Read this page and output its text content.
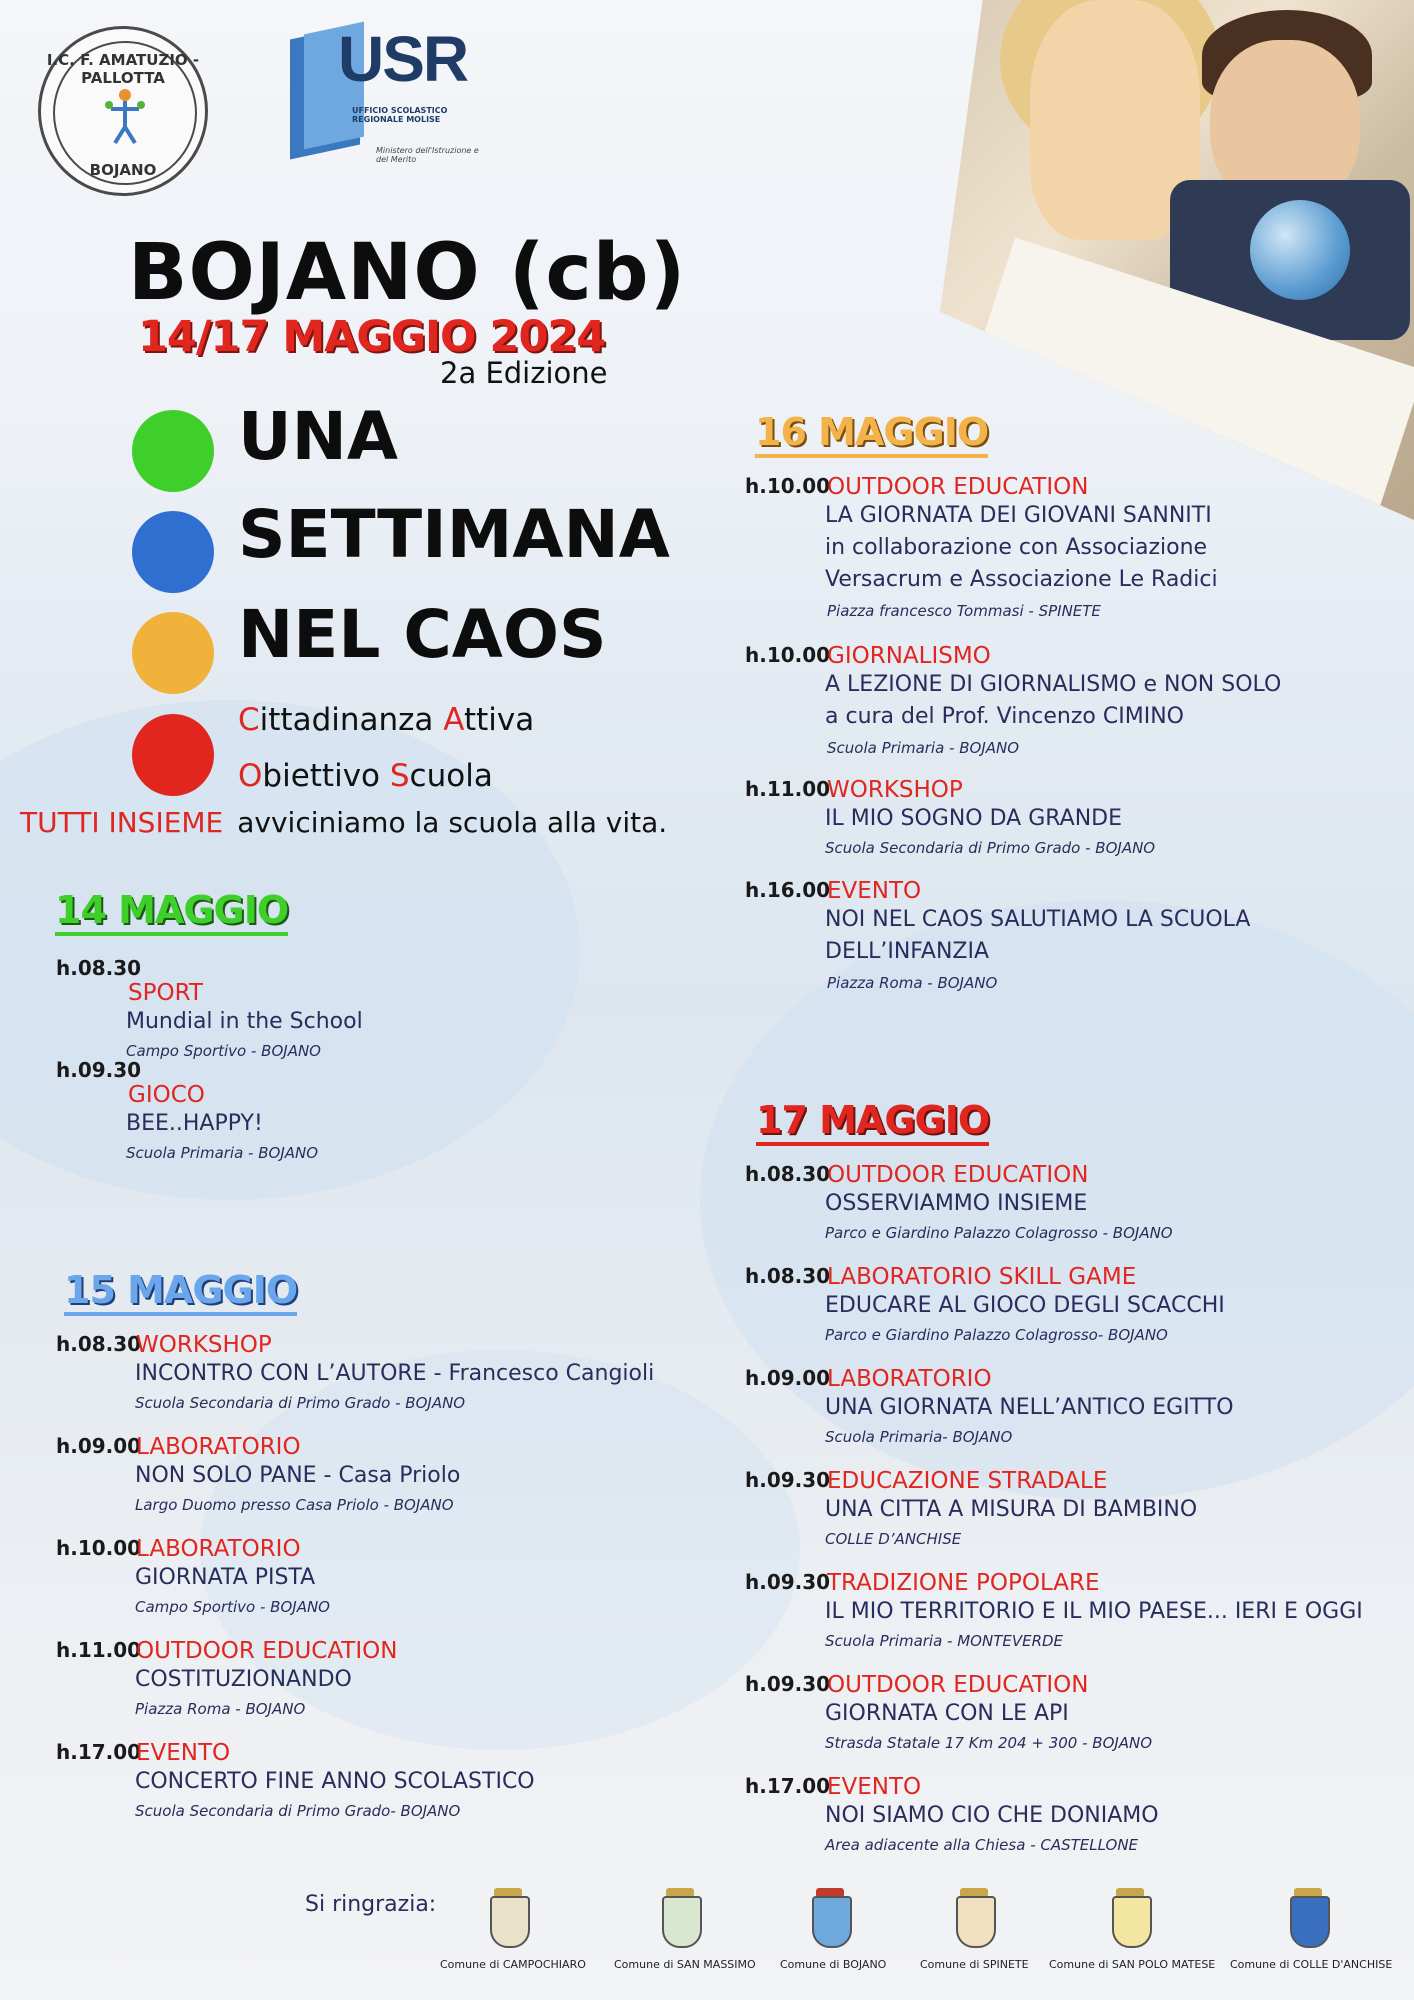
I.C. F. AMATUZIO - PALLOTTA
BOJANO
USR
UFFICIO SCOLASTICO REGIONALE MOLISE
Ministero dell'Istruzione e del Merito
BOJANO (cb)
14/17 MAGGIO 2024
2a Edizione
UNA
SETTIMANA
NEL CAOS
Cittadinanza Attiva
Obiettivo Scuola
TUTTI INSIEME avviciniamo la scuola alla vita.
14 MAGGIO
h.08.30
SPORT
Mundial in the School
Campo Sportivo - BOJANO
h.09.30
GIOCO
BEE..HAPPY!
Scuola Primaria - BOJANO
15 MAGGIO
h.08.30
WORKSHOP
INCONTRO CON L’AUTORE - Francesco Cangioli
Scuola Secondaria di Primo Grado - BOJANO
h.09.00
LABORATORIO
NON SOLO PANE - Casa Priolo
Largo Duomo presso Casa Priolo - BOJANO
h.10.00
LABORATORIO
GIORNATA PISTA
Campo Sportivo - BOJANO
h.11.00
OUTDOOR EDUCATION
COSTITUZIONANDO
Piazza Roma - BOJANO
h.17.00
EVENTO
CONCERTO FINE ANNO SCOLASTICO
Scuola Secondaria di Primo Grado- BOJANO
16 MAGGIO
h.10.00
OUTDOOR EDUCATION
LA GIORNATA DEI GIOVANI SANNITI
in collaborazione con Associazione
Versacrum e Associazione Le Radici
Piazza francesco Tommasi - SPINETE
h.10.00
GIORNALISMO
A LEZIONE DI GIORNALISMO e NON SOLO
a cura del Prof. Vincenzo CIMINO
Scuola Primaria - BOJANO
h.11.00
WORKSHOP
IL MIO SOGNO DA GRANDE
Scuola Secondaria di Primo Grado - BOJANO
h.16.00
EVENTO
NOI NEL CAOS SALUTIAMO LA SCUOLA
DELL’INFANZIA
Piazza Roma - BOJANO
17 MAGGIO
h.08.30
OUTDOOR EDUCATION
OSSERVIAMMO INSIEME
Parco e Giardino Palazzo Colagrosso - BOJANO
h.08.30
LABORATORIO SKILL GAME
EDUCARE AL GIOCO DEGLI SCACCHI
Parco e Giardino Palazzo Colagrosso- BOJANO
h.09.00
LABORATORIO
UNA GIORNATA NELL’ANTICO EGITTO
Scuola Primaria- BOJANO
h.09.30
EDUCAZIONE STRADALE
UNA CITTA A MISURA DI BAMBINO
COLLE D’ANCHISE
h.09.30
TRADIZIONE POPOLARE
IL MIO TERRITORIO E IL MIO PAESE... IERI E OGGI
Scuola Primaria - MONTEVERDE
h.09.30
OUTDOOR EDUCATION
GIORNATA CON LE API
Strasda Statale 17 Km 204 + 300 - BOJANO
h.17.00
EVENTO
NOI SIAMO CIO CHE DONIAMO
Area adiacente alla Chiesa - CASTELLONE
Si ringrazia:
Comune di CAMPOCHIARO	Comune di SAN MASSIMO Comune di BOJANO	Comune di SPINETE Comune di SAN POLO MATESE Comune di COLLE D'ANCHISE
